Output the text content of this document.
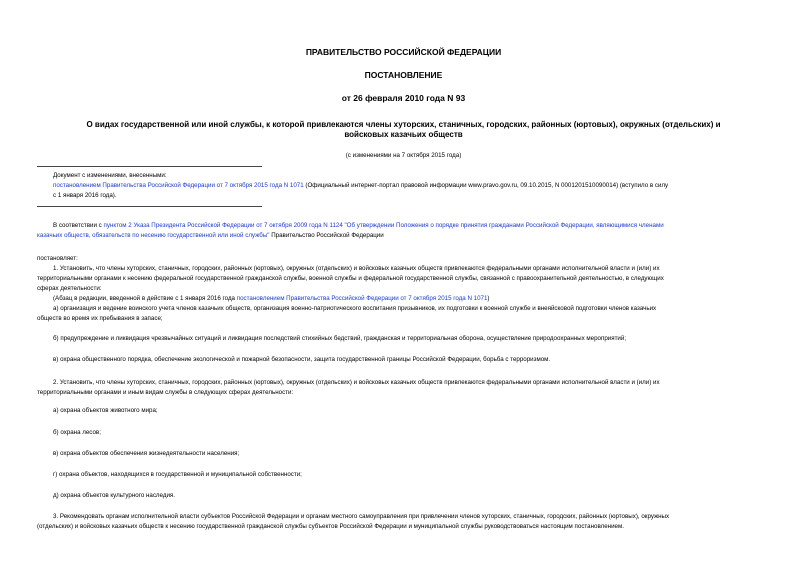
ПРАВИТЕЛЬСТВО РОССИЙСКОЙ ФЕДЕРАЦИИ
ПОСТАНОВЛЕНИЕ
от 26 февраля 2010 года N 93
О видах государственной или иной службы, к которой привлекаются члены хуторских, станичных, городских, районных (юртовых), окружных (отдельских) и
войсковых казачьих обществ
(с изменениями на 7 октября 2015 года)
Документ с изменениями, внесенными:
постановлением Правительства Российской Федерации от 7 октября 2015 года N 1071 (Официальный интернет-портал правовой информации www.pravo.gov.ru, 09.10.2015, N 0001201510090014) (вступило в силу
с 1 января 2016 года).
В соответствии с пунктом 2 Указа Президента Российской Федерации от 7 октября 2009 года N 1124 "Об утверждении Положения о порядке принятия гражданами Российской Федерации, являющимися членами
казачьих обществ, обязательств по несению государственной или иной службы" Правительство Российской Федерации
постановляет:
1. Установить, что члены хуторских, станичных, городских, районных (юртовых), окружных (отдельских) и войсковых казачьих обществ привлекаются федеральными органами исполнительной власти и (или) их
территориальными органами к несению федеральной государственной гражданской службы, военной службы и федеральной государственной службы, связанной с правоохранительной деятельностью, в следующих
сферах деятельности:
(Абзац в редакции, введенной в действие с 1 января 2016 года постановлением Правительства Российской Федерации от 7 октября 2015 года N 1071)
а) организация и ведение воинского учета членов казачьих обществ, организация военно-патриотического воспитания призывников, их подготовки к военной службе и внеяйсковой подготовки членов казачьих
обществ во время их пребывания в запасе;
б) предупреждение и ликвидация чрезвычайных ситуаций и ликвидация последствий стихийных бедствий, гражданская и территориальная оборона, осуществление природоохранных мероприятий;
в) охрана общественного порядка, обеспечение экологической и пожарной безопасности, защита государственной границы Российской Федерации, борьба с терроризмом.
2. Установить, что члены хуторских, станичных, городских, районных (юртовых), окружных (отдельских) и войсковых казачьих обществ привлекаются федеральными органами исполнительной власти и (или) их
территориальными органами и иным видам службы в следующих сферах деятельности:
а) охрана объектов животного мира;
б) охрана лесов;
в) охрана объектов обеспечения жизнедеятельности населения;
г) охрана объектов, находящихся в государственной и муниципальной собственности;
д) охрана объектов культурного наследия.
3. Рекомендовать органам исполнительной власти субъектов Российской Федерации и органам местного самоуправления при привлечении членов хуторских, станичных, городских, районных (юртовых), окружных
(отдельских) и войсковых казачьих обществ к несению государственной гражданской службы субъектов Российской Федерации и муниципальной службы руководствоваться настоящим постановлением.
